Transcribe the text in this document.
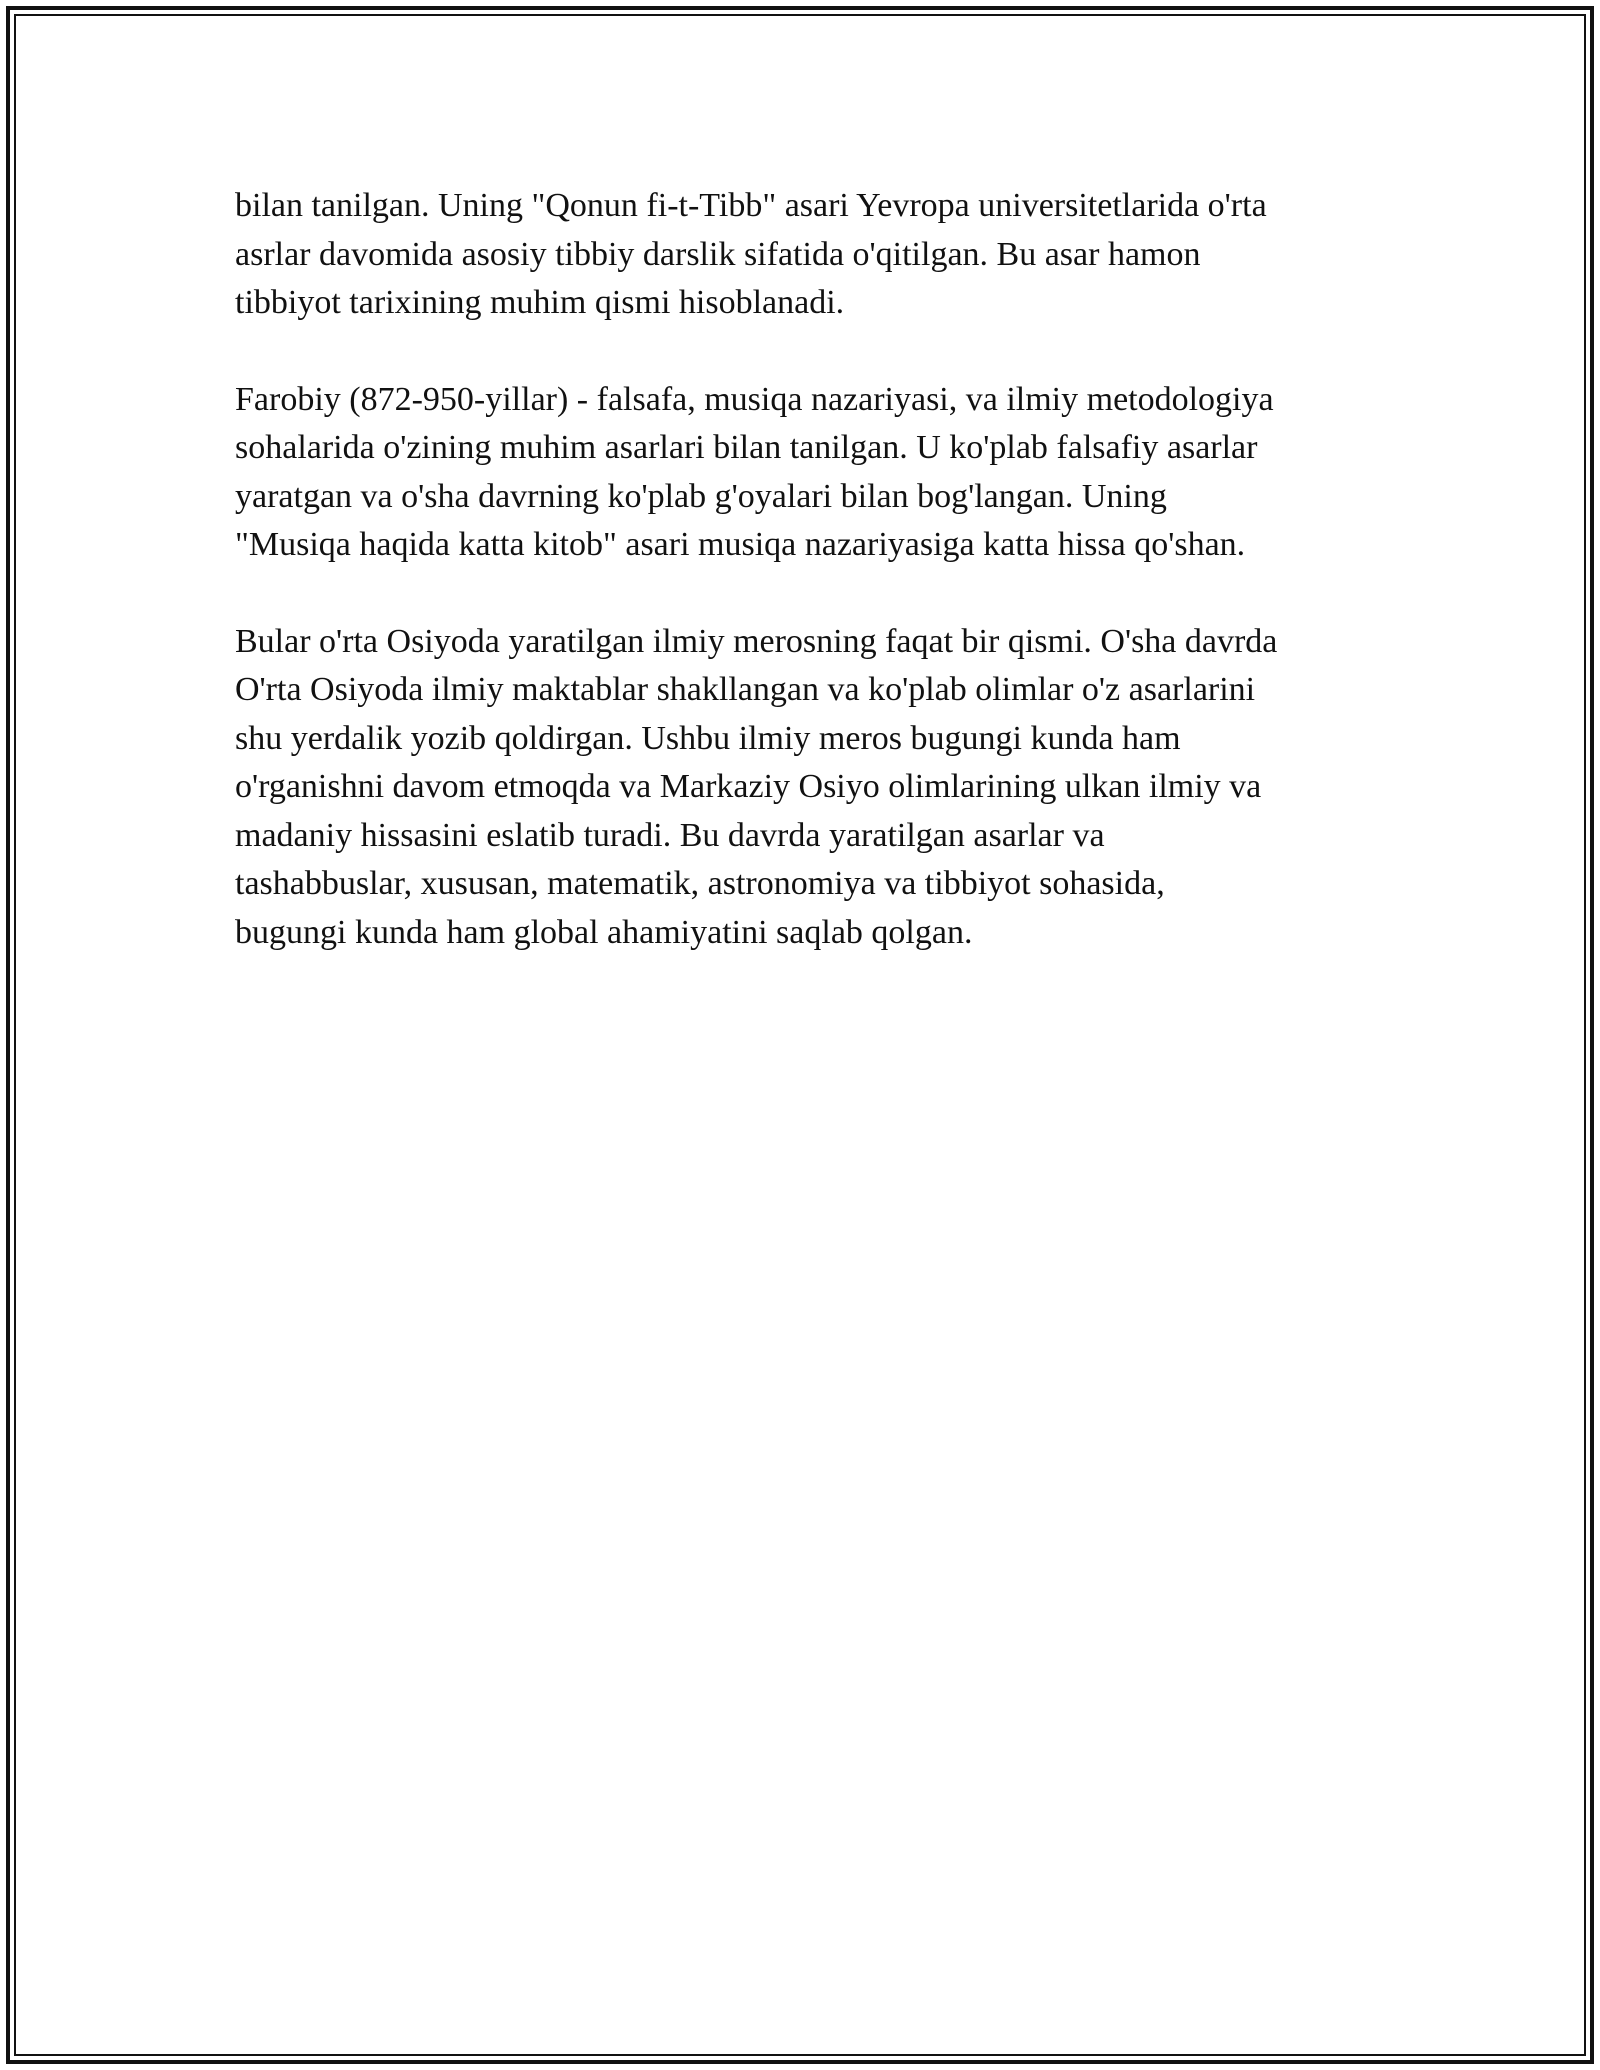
bilan tanilgan. Uning "Qonun fi-t-Tibb" asari Yevropa universitetlarida o'rta
asrlar davomida asosiy tibbiy darslik sifatida o'qitilgan. Bu asar hamon
tibbiyot tarixining muhim qismi hisoblanadi.

Farobiy (872-950-yillar) - falsafa, musiqa nazariyasi, va ilmiy metodologiya
sohalarida o'zining muhim asarlari bilan tanilgan. U ko'plab falsafiy asarlar
yaratgan va o'sha davrning ko'plab g'oyalari bilan bog'langan. Uning
"Musiqa haqida katta kitob" asari musiqa nazariyasiga katta hissa qo'shan.

Bular o'rta Osiyoda yaratilgan ilmiy merosning faqat bir qismi. O'sha davrda
O'rta Osiyoda ilmiy maktablar shakllangan va ko'plab olimlar o'z asarlarini
shu yerdalik yozib qoldirgan. Ushbu ilmiy meros bugungi kunda ham
o'rganishni davom etmoqda va Markaziy Osiyo olimlarining ulkan ilmiy va
madaniy hissasini eslatib turadi. Bu davrda yaratilgan asarlar va
tashabbuslar, xususan, matematik, astronomiya va tibbiyot sohasida,
bugungi kunda ham global ahamiyatini saqlab qolgan.
